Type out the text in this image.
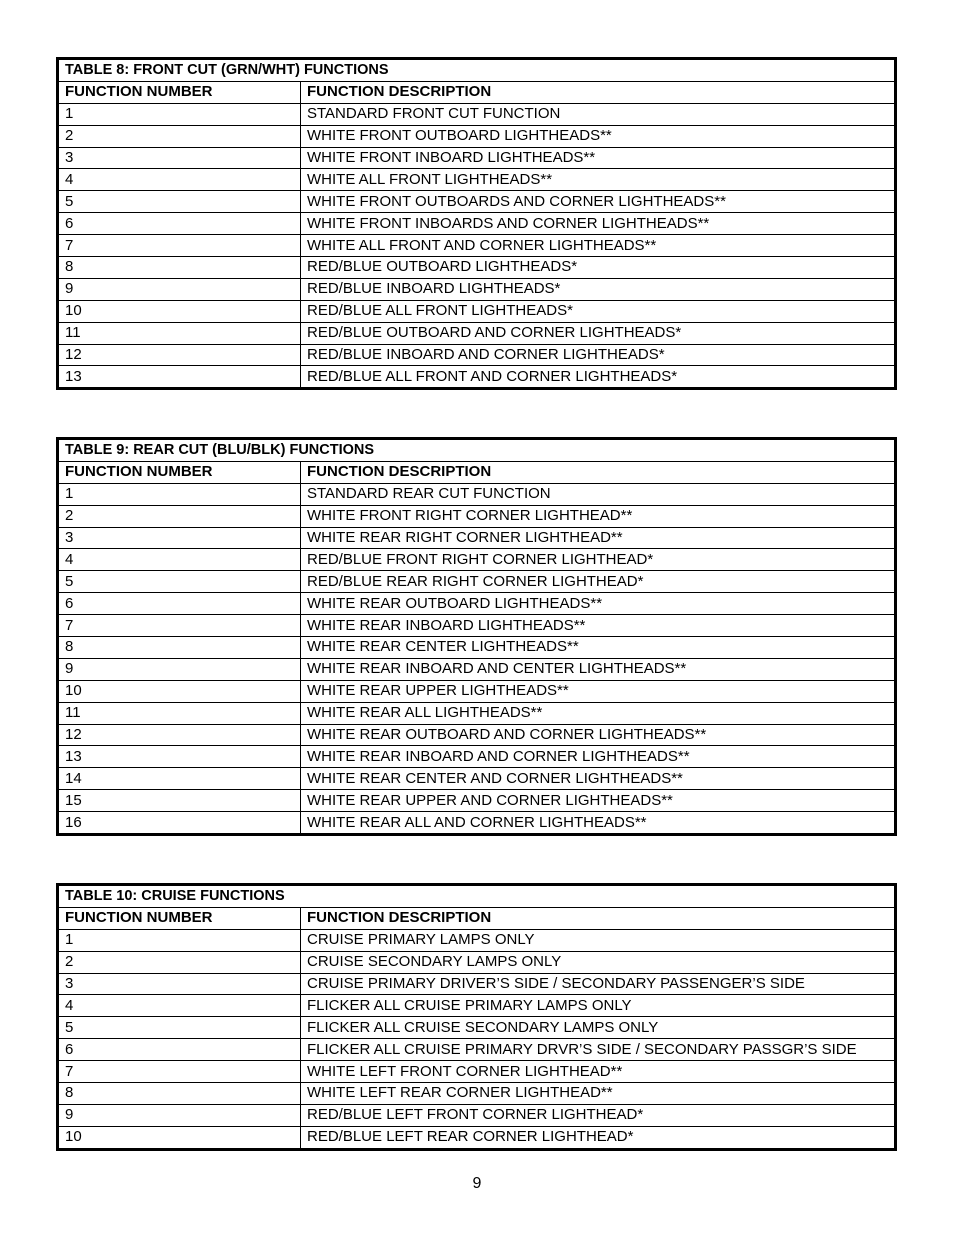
TABLE 8: FRONT CUT (GRN/WHT) FUNCTIONS	
FUNCTION NUMBER	FUNCTION DESCRIPTION
1	STANDARD FRONT CUT FUNCTION
2	WHITE FRONT OUTBOARD LIGHTHEADS**
3	WHITE FRONT INBOARD LIGHTHEADS**
4	WHITE ALL FRONT LIGHTHEADS**
5	WHITE FRONT OUTBOARDS AND CORNER LIGHTHEADS**
6	WHITE FRONT INBOARDS AND CORNER LIGHTHEADS**
7	WHITE ALL FRONT AND CORNER LIGHTHEADS**
8	RED/BLUE OUTBOARD LIGHTHEADS*
9	RED/BLUE INBOARD LIGHTHEADS*
10	RED/BLUE ALL FRONT LIGHTHEADS*
11	RED/BLUE OUTBOARD AND CORNER LIGHTHEADS*
12	RED/BLUE INBOARD AND CORNER LIGHTHEADS*
13	RED/BLUE ALL FRONT AND CORNER LIGHTHEADS*
TABLE 9: REAR CUT (BLU/BLK) FUNCTIONS	
FUNCTION NUMBER	FUNCTION DESCRIPTION
1	STANDARD REAR CUT FUNCTION
2	WHITE FRONT RIGHT CORNER LIGHTHEAD**
3	WHITE REAR RIGHT CORNER LIGHTHEAD**
4	RED/BLUE FRONT RIGHT CORNER LIGHTHEAD*
5	RED/BLUE REAR RIGHT CORNER LIGHTHEAD*
6	WHITE REAR OUTBOARD LIGHTHEADS**
7	WHITE REAR INBOARD LIGHTHEADS**
8	WHITE REAR CENTER LIGHTHEADS**
9	WHITE REAR INBOARD AND CENTER LIGHTHEADS**
10	WHITE REAR UPPER LIGHTHEADS**
11	WHITE REAR ALL LIGHTHEADS**
12	WHITE REAR OUTBOARD AND CORNER LIGHTHEADS**
13	WHITE REAR INBOARD AND CORNER LIGHTHEADS**
14	WHITE REAR CENTER AND CORNER LIGHTHEADS**
15	WHITE REAR UPPER AND CORNER LIGHTHEADS**
16	WHITE REAR ALL AND CORNER LIGHTHEADS**
TABLE 10: CRUISE FUNCTIONS	
FUNCTION NUMBER	FUNCTION DESCRIPTION
1	CRUISE PRIMARY LAMPS ONLY
2	CRUISE SECONDARY LAMPS ONLY
3	CRUISE PRIMARY DRIVER’S SIDE / SECONDARY PASSENGER’S SIDE
4	FLICKER ALL CRUISE PRIMARY LAMPS ONLY
5	FLICKER ALL CRUISE SECONDARY LAMPS ONLY
6	FLICKER ALL CRUISE PRIMARY DRVR’S SIDE / SECONDARY PASSGR’S SIDE
7	WHITE LEFT FRONT CORNER LIGHTHEAD**
8	WHITE LEFT REAR CORNER LIGHTHEAD**
9	RED/BLUE LEFT FRONT CORNER LIGHTHEAD*
10	RED/BLUE LEFT REAR CORNER LIGHTHEAD*
9
